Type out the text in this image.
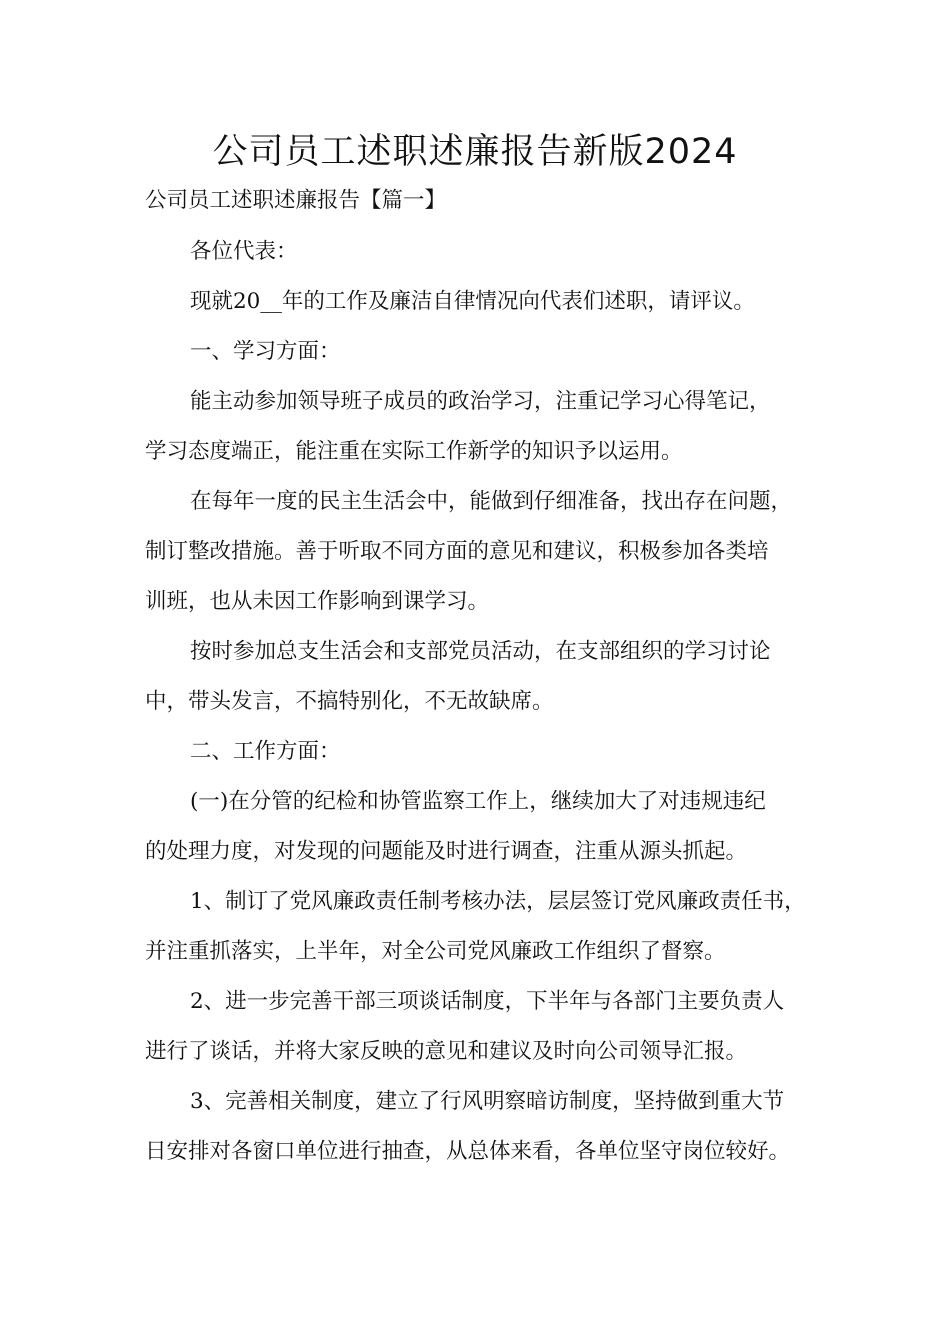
公司员工述职述廉报告新版2024
公司员工述职述廉报告【篇一】
各位代表：
现就20__年的工作及廉洁自律情况向代表们述职，请评议。
一、学习方面：
能主动参加领导班子成员的政治学习，注重记学习心得笔记，
学习态度端正，能注重在实际工作新学的知识予以运用。
在每年一度的民主生活会中，能做到仔细准备，找出存在问题，
制订整改措施。善于听取不同方面的意见和建议，积极参加各类培
训班，也从未因工作影响到课学习。
按时参加总支生活会和支部党员活动，在支部组织的学习讨论
中，带头发言，不搞特别化，不无故缺席。
二、工作方面：
(一)在分管的纪检和协管监察工作上，继续加大了对违规违纪
的处理力度，对发现的问题能及时进行调查，注重从源头抓起。
1、制订了党风廉政责任制考核办法，层层签订党风廉政责任书，
并注重抓落实，上半年，对全公司党风廉政工作组织了督察。
2、进一步完善干部三项谈话制度，下半年与各部门主要负责人
进行了谈话，并将大家反映的意见和建议及时向公司领导汇报。
3、完善相关制度，建立了行风明察暗访制度，坚持做到重大节
日安排对各窗口单位进行抽查，从总体来看，各单位坚守岗位较好。
